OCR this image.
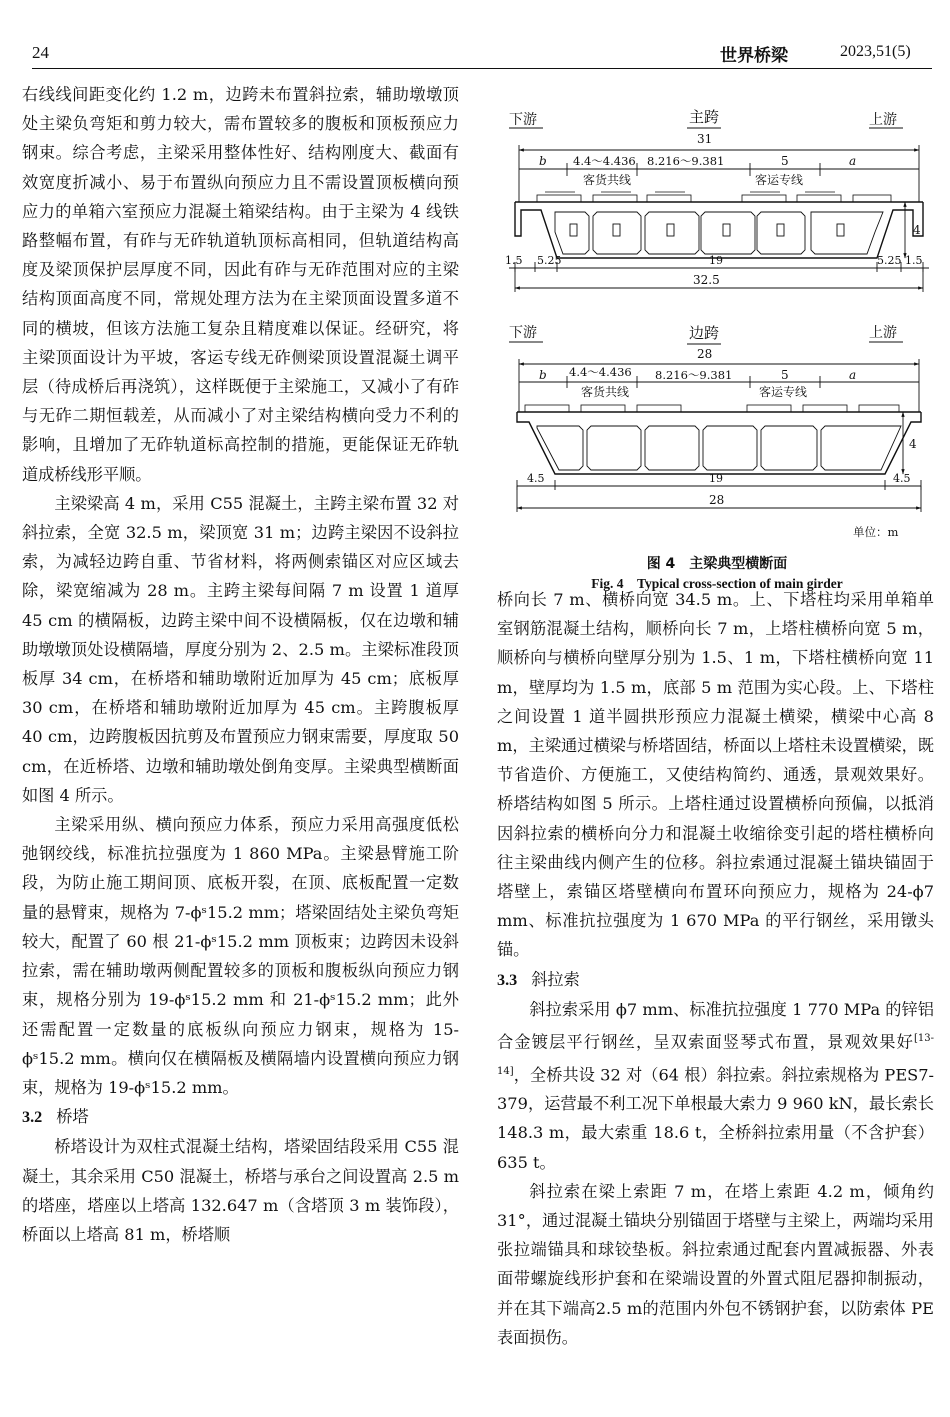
24	世界桥梁	2023,51(5)

右线线间距变化约 1.2 m，边跨未布置斜拉索，辅助墩墩顶处主梁负弯矩和剪力较大，需布置较多的腹板和顶板预应力钢束。综合考虑，主梁采用整体性好、结构刚度大、截面有效宽度折减小、易于布置纵向预应力且不需设置顶板横向预应力的单箱六室预应力混凝土箱梁结构。由于主梁为 4 线铁路整幅布置，有砟与无砟轨道轨顶标高相同，但轨道结构高度及梁顶保护层厚度不同，因此有砟与无砟范围对应的主梁结构顶面高度不同，常规处理方法为在主梁顶面设置多道不同的横坡，但该方法施工复杂且精度难以保证。经研究，将主梁顶面设计为平坡，客运专线无砟侧梁顶设置混凝土调平层（待成桥后再浇筑），这样既便于主梁施工，又减小了有砟与无砟二期恒载差，从而减小了对主梁结构横向受力不利的影响，且增加了无砟轨道标高控制的措施，更能保证无砟轨道成桥线形平顺。

主梁梁高 4 m，采用 C55 混凝土，主跨主梁布置 32 对斜拉索，全宽 32.5 m，梁顶宽 31 m；边跨主梁因不设斜拉索，为减轻边跨自重、节省材料，将两侧索锚区对应区域去除，梁宽缩减为 28 m。主跨主梁每间隔 7 m 设置 1 道厚 45 cm 的横隔板，边跨主梁中间不设横隔板，仅在边墩和辅助墩墩顶处设横隔墙，厚度分别为 2、2.5 m。主梁标准段顶板厚 34 cm，在桥塔和辅助墩附近加厚为 45 cm；底板厚 30 cm，在桥塔和辅助墩附近加厚为 45 cm。主跨腹板厚 40 cm，边跨腹板因抗剪及布置预应力钢束需要，厚度取 50 cm，在近桥塔、边墩和辅助墩处倒角变厚。主梁典型横断面如图 4 所示。

主梁采用纵、横向预应力体系，预应力采用高强度低松弛钢绞线，标准抗拉强度为 1 860 MPa。主梁悬臂施工阶段，为防止施工期间顶、底板开裂，在顶、底板配置一定数量的悬臂束，规格为 7-ϕˢ15.2 mm；塔梁固结处主梁负弯矩较大，配置了 60 根 21-ϕˢ15.2 mm 顶板束；边跨因未设斜拉索，需在辅助墩两侧配置较多的顶板和腹板纵向预应力钢束，规格分别为 19-ϕˢ15.2 mm 和 21-ϕˢ15.2 mm；此外还需配置一定数量的底板纵向预应力钢束，规格为 15-ϕˢ15.2 mm。横向仅在横隔板及横隔墙内设置横向预应力钢束，规格为 19-ϕˢ15.2 mm。

3.2 桥塔

桥塔设计为双柱式混凝土结构，塔梁固结段采用 C55 混凝土，其余采用 C50 混凝土，桥塔与承台之间设置高 2.5 m 的塔座，塔座以上塔高 132.647 m（含塔顶 3 m 装饰段），桥面以上塔高 81 m，桥塔顺

下游	主跨	上游
31
b 4.4～4.436 8.216～9.381	5	a
客货共线	客运专线
4
1.5 5.25	19	5.25 1.5
32.5
下游	边跨	上游
28
b 4.4～4.436 8.216～9.381	5	a
客货共线	客运专线
4
4.5	19	4.5
28
单位：m
图 4　主梁典型横断面
Fig. 4　Typical cross-section of main girder

桥向长 7 m、横桥向宽 34.5 m。上、下塔柱均采用单箱单室钢筋混凝土结构，顺桥向长 7 m，上塔柱横桥向宽 5 m，顺桥向与横桥向壁厚分别为 1.5、1 m，下塔柱横桥向宽 11 m，壁厚均为 1.5 m，底部 5 m 范围为实心段。上、下塔柱之间设置 1 道半圆拱形预应力混凝土横梁，横梁中心高 8 m，主梁通过横梁与桥塔固结，桥面以上塔柱未设置横梁，既节省造价、方便施工，又使结构简约、通透，景观效果好。桥塔结构如图 5 所示。上塔柱通过设置横桥向预偏，以抵消因斜拉索的横桥向分力和混凝土收缩徐变引起的塔柱横桥向往主梁曲线内侧产生的位移。斜拉索通过混凝土锚块锚固于塔壁上，索锚区塔壁横向布置环向预应力，规格为 24-ϕ7 mm、标准抗拉强度为 1 670 MPa 的平行钢丝，采用镦头锚。

3.3 斜拉索

斜拉索采用 ϕ7 mm、标准抗拉强度 1 770 MPa 的锌铝合金镀层平行钢丝，呈双索面竖琴式布置，景观效果好[13-14]，全桥共设 32 对（64 根）斜拉索。斜拉索规格为 PES7-379，运营最不利工况下单根最大索力 9 960 kN，最长索长 148.3 m，最大索重 18.6 t，全桥斜拉索用量（不含护套）635 t。

斜拉索在梁上索距 7 m，在塔上索距 4.2 m，倾角约 31°，通过混凝土锚块分别锚固于塔壁与主梁上，两端均采用张拉端锚具和球铰垫板。斜拉索通过配套内置减振器、外表面带螺旋线形护套和在梁端设置的外置式阻尼器抑制振动，并在其下端高2.5 m的范围内外包不锈钢护套，以防索体 PE 表面损伤。
